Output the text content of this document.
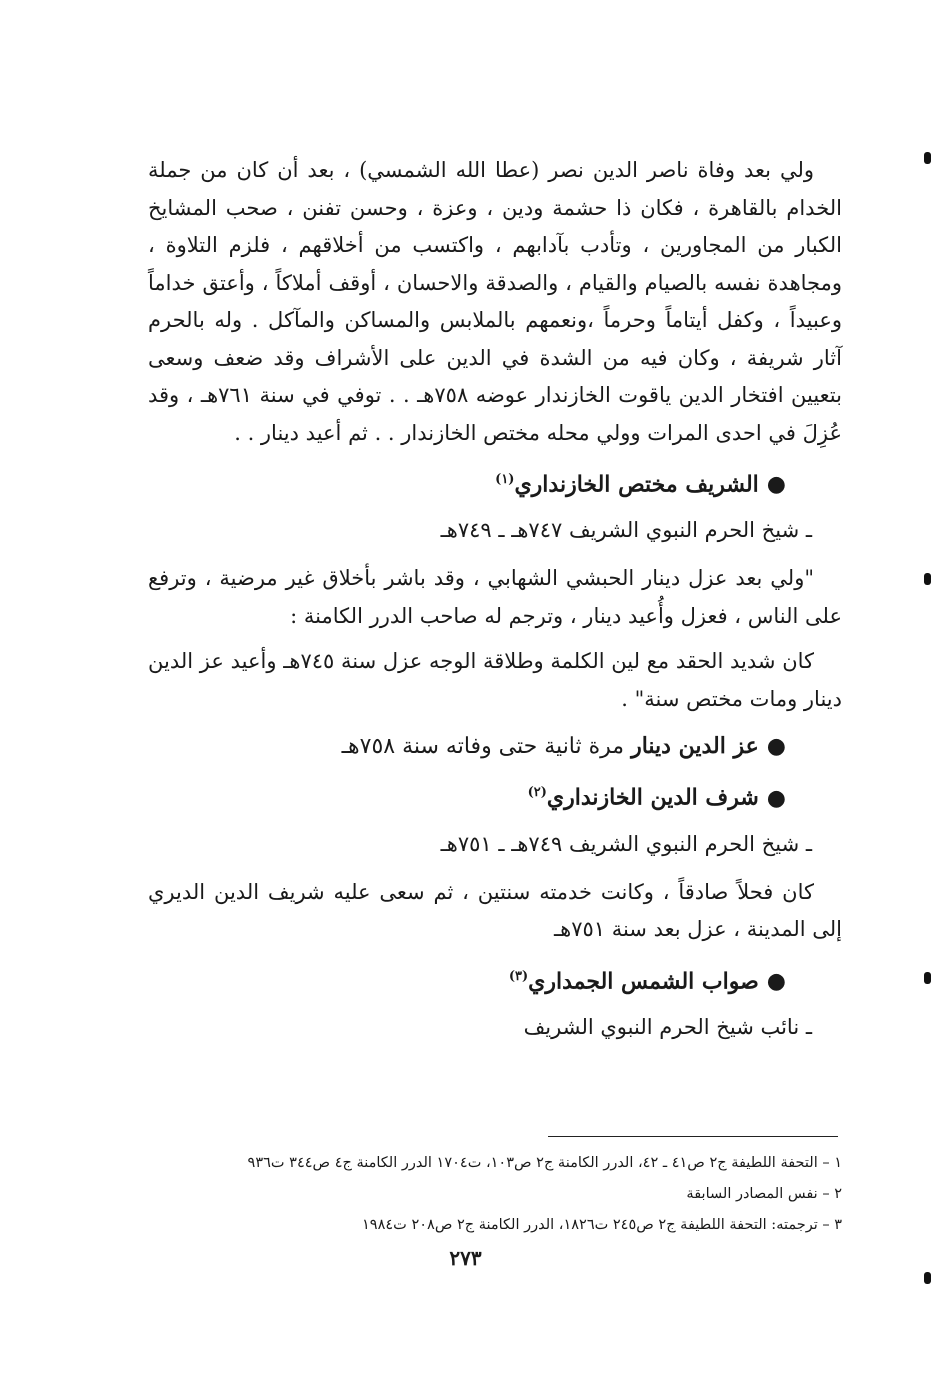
ولي بعد وفاة ناصر الدين نصر (عطا الله الشمسي) ، بعد أن كان من جملة الخدام بالقاهرة ، فكان ذا حشمة ودين ، وعزة ، وحسن تفنن ، صحب المشايخ الكبار من المجاورين ، وتأدب بآدابهم ، واكتسب من أخلاقهم ، فلزم التلاوة ، ومجاهدة نفسه بالصيام والقيام ، والصدقة والاحسان ، أوقف أملاكاً ، وأعتق خداماً وعبيداً ، وكفل أيتاماً وحرماً ،ونعمهم بالملابس والمساكن والمآكل . وله بالحرم آثار شريفة ، وكان فيه من الشدة في الدين على الأشراف وقد ضعف وسعى بتعيين افتخار الدين ياقوت الخازندار عوضه ٧٥٨هـ . . توفي في سنة ٧٦١هـ ، وقد عُزِلَ في احدى المرات وولي محله مختص الخازندار . . ثم أعيد دينار . .

●الشريف مختص الخازنداري$^{(١)}$
ـ شيخ الحرم النبوي الشريف ٧٤٧هـ ـ ٧٤٩هـ

"ولي بعد عزل دينار الحبشي الشهابي ، وقد باشر بأخلاق غير مرضية ، وترفع على الناس ، فعزل وأُعيد دينار ، وترجم له صاحب الدرر الكامنة :

كان شديد الحقد مع لين الكلمة وطلاقة الوجه عزل سنة ٧٤٥هـ وأعيد عز الدين دينار ومات مختص سنة" .

●عز الدين دينار مرة ثانية حتى وفاته سنة ٧٥٨هـ
●شرف الدين الخازنداري$^{(٢)}$
ـ شيخ الحرم النبوي الشريف ٧٤٩هـ ـ ٧٥١هـ

كان فحلاً صادقاً ، وكانت خدمته سنتين ، ثم سعى عليه شريف الدين الديري إلى المدينة ، عزل بعد سنة ٧٥١هـ

●صواب الشمس الجمداري$^{(٣)}$
ـ نائب شيخ الحرم النبوي الشريف
١ – التحفة اللطيفة ج٢ ص٤١ ـ ٤٢، الدرر الكامنة ج٢ ص١٠٣، ت١٧٠٤ الدرر الكامنة ج٤ ص٣٤٤ ت٩٣٦
٢ – نفس المصادر السابقة
٣ – ترجمته: التحفة اللطيفة ج٢ ص٢٤٥ ت١٨٢٦، الدرر الكامنة ج٢ ص٢٠٨ ت١٩٨٤
٢٧٣
